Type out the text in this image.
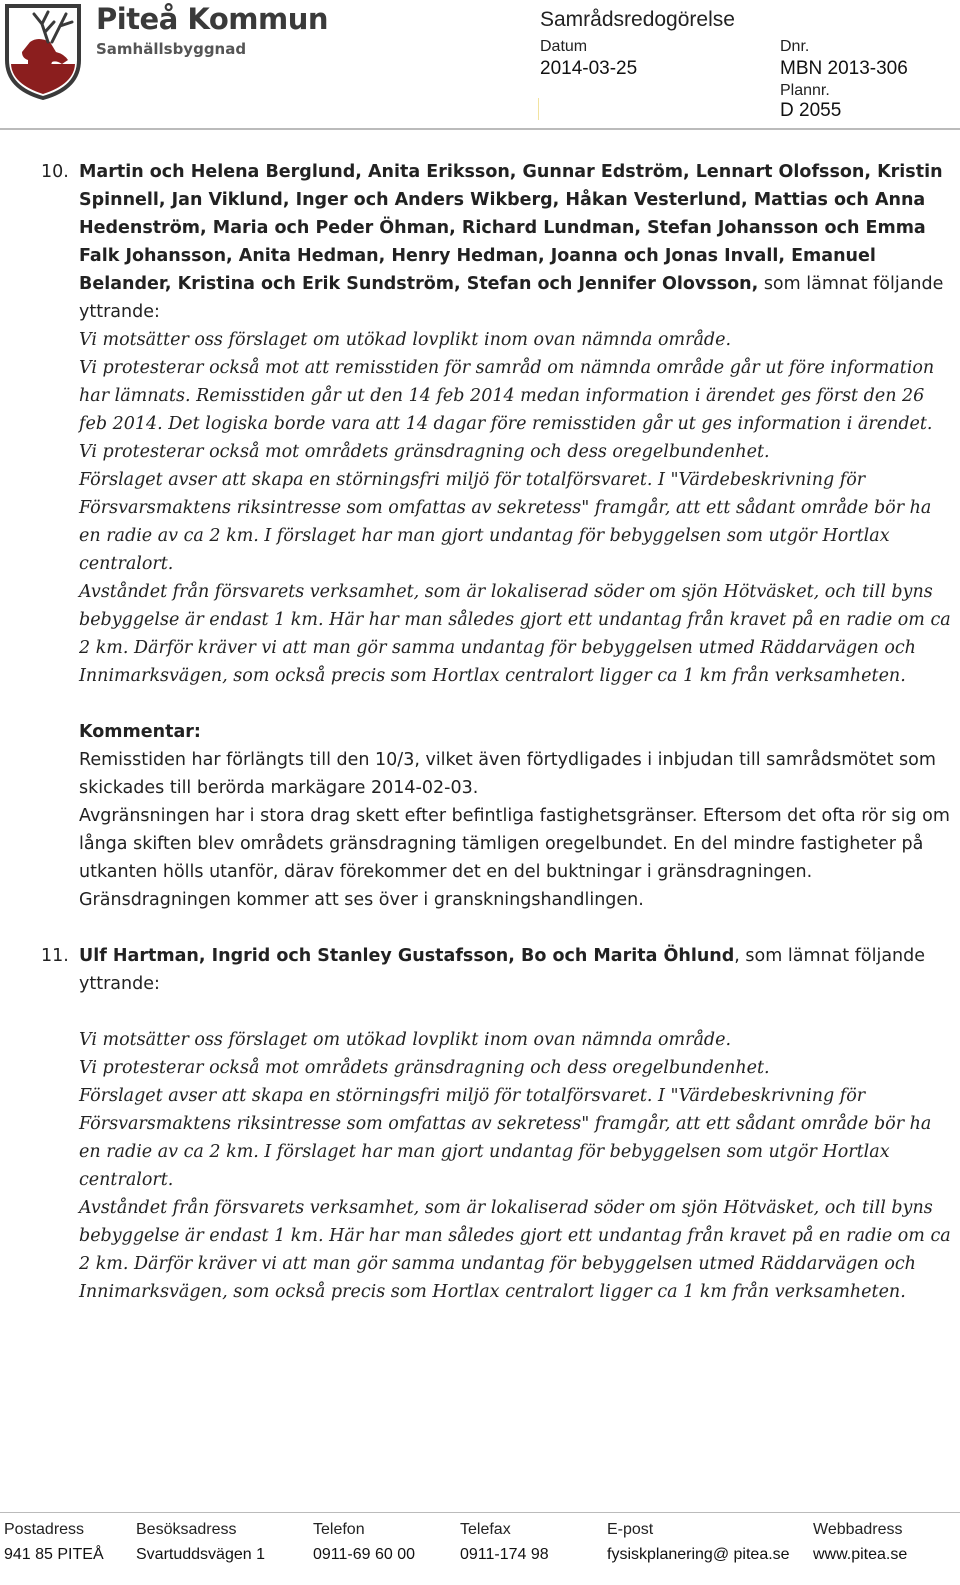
Piteå Kommun
Samhällsbyggnad
Samrådsredogörelse
Datum
2014-03-25
Dnr.
MBN 2013-306
Plannr.
D 2055
10. Martin och Helena Berglund, Anita Eriksson, Gunnar Edström, Lennart Olofsson, Kristin Spinnell, Jan Viklund, Inger och Anders Wikberg, Håkan Vesterlund, Mattias och Anna Hedenström, Maria och Peder Öhman, Richard Lundman, Stefan Johansson och Emma Falk Johansson, Anita Hedman, Henry Hedman, Joanna och Jonas Invall, Emanuel Belander, Kristina och Erik Sundström, Stefan och Jennifer Olovsson, som lämnat följande yttrande:

Vi motsätter oss förslaget om utökad lovplikt inom ovan nämnda område.

Vi protesterar också mot att remisstiden för samråd om nämnda område går ut före information har lämnats. Remisstiden går ut den 14 feb 2014 medan information i ärendet ges först den 26 feb 2014. Det logiska borde vara att 14 dagar före remisstiden går ut ges information i ärendet.

Vi protesterar också mot områdets gränsdragning och dess oregelbundenhet.

Förslaget avser att skapa en störningsfri miljö för totalförsvaret. I "Värdebeskrivning för Försvarsmaktens riksintresse som omfattas av sekretess" framgår, att ett sådant område bör ha en radie av ca 2 km. I förslaget har man gjort undantag för bebyggelsen som utgör Hortlax centralort.

Avståndet från försvarets verksamhet, som är lokaliserad söder om sjön Hötväsket, och till byns bebyggelse är endast 1 km. Här har man således gjort ett undantag från kravet på en radie om ca 2 km. Därför kräver vi att man gör samma undantag för bebyggelsen utmed Räddarvägen och Innimarksvägen, som också precis som Hortlax centralort ligger ca 1 km från verksamheten.

Kommentar:

Remisstiden har förlängts till den 10/3, vilket även förtydligades i inbjudan till samrådsmötet som skickades till berörda markägare 2014-02-03.

Avgränsningen har i stora drag skett efter befintliga fastighetsgränser. Eftersom det ofta rör sig om långa skiften blev områdets gränsdragning tämligen oregelbundet. En del mindre fastigheter på utkanten hölls utanför, därav förekommer det en del buktningar i gränsdragningen. Gränsdragningen kommer att ses över i granskningshandlingen.

11. Ulf Hartman, Ingrid och Stanley Gustafsson, Bo och Marita Öhlund, som lämnat följande yttrande:

Vi motsätter oss förslaget om utökad lovplikt inom ovan nämnda område.

Vi protesterar också mot områdets gränsdragning och dess oregelbundenhet.

Förslaget avser att skapa en störningsfri miljö för totalförsvaret. I "Värdebeskrivning för Försvarsmaktens riksintresse som omfattas av sekretess" framgår, att ett sådant område bör ha en radie av ca 2 km. I förslaget har man gjort undantag för bebyggelsen som utgör Hortlax centralort.

Avståndet från försvarets verksamhet, som är lokaliserad söder om sjön Hötväsket, och till byns bebyggelse är endast 1 km. Här har man således gjort ett undantag från kravet på en radie om ca 2 km. Därför kräver vi att man gör samma undantag för bebyggelsen utmed Räddarvägen och Innimarksvägen, som också precis som Hortlax centralort ligger ca 1 km från verksamheten.

Postadress
941 85 PITEÅ
Besöksadress
Svartuddsvägen 1
Telefon
0911-69 60 00
Telefax
0911-174 98
E-post
fysiskplanering@ pitea.se
Webbadress
www.pitea.se
